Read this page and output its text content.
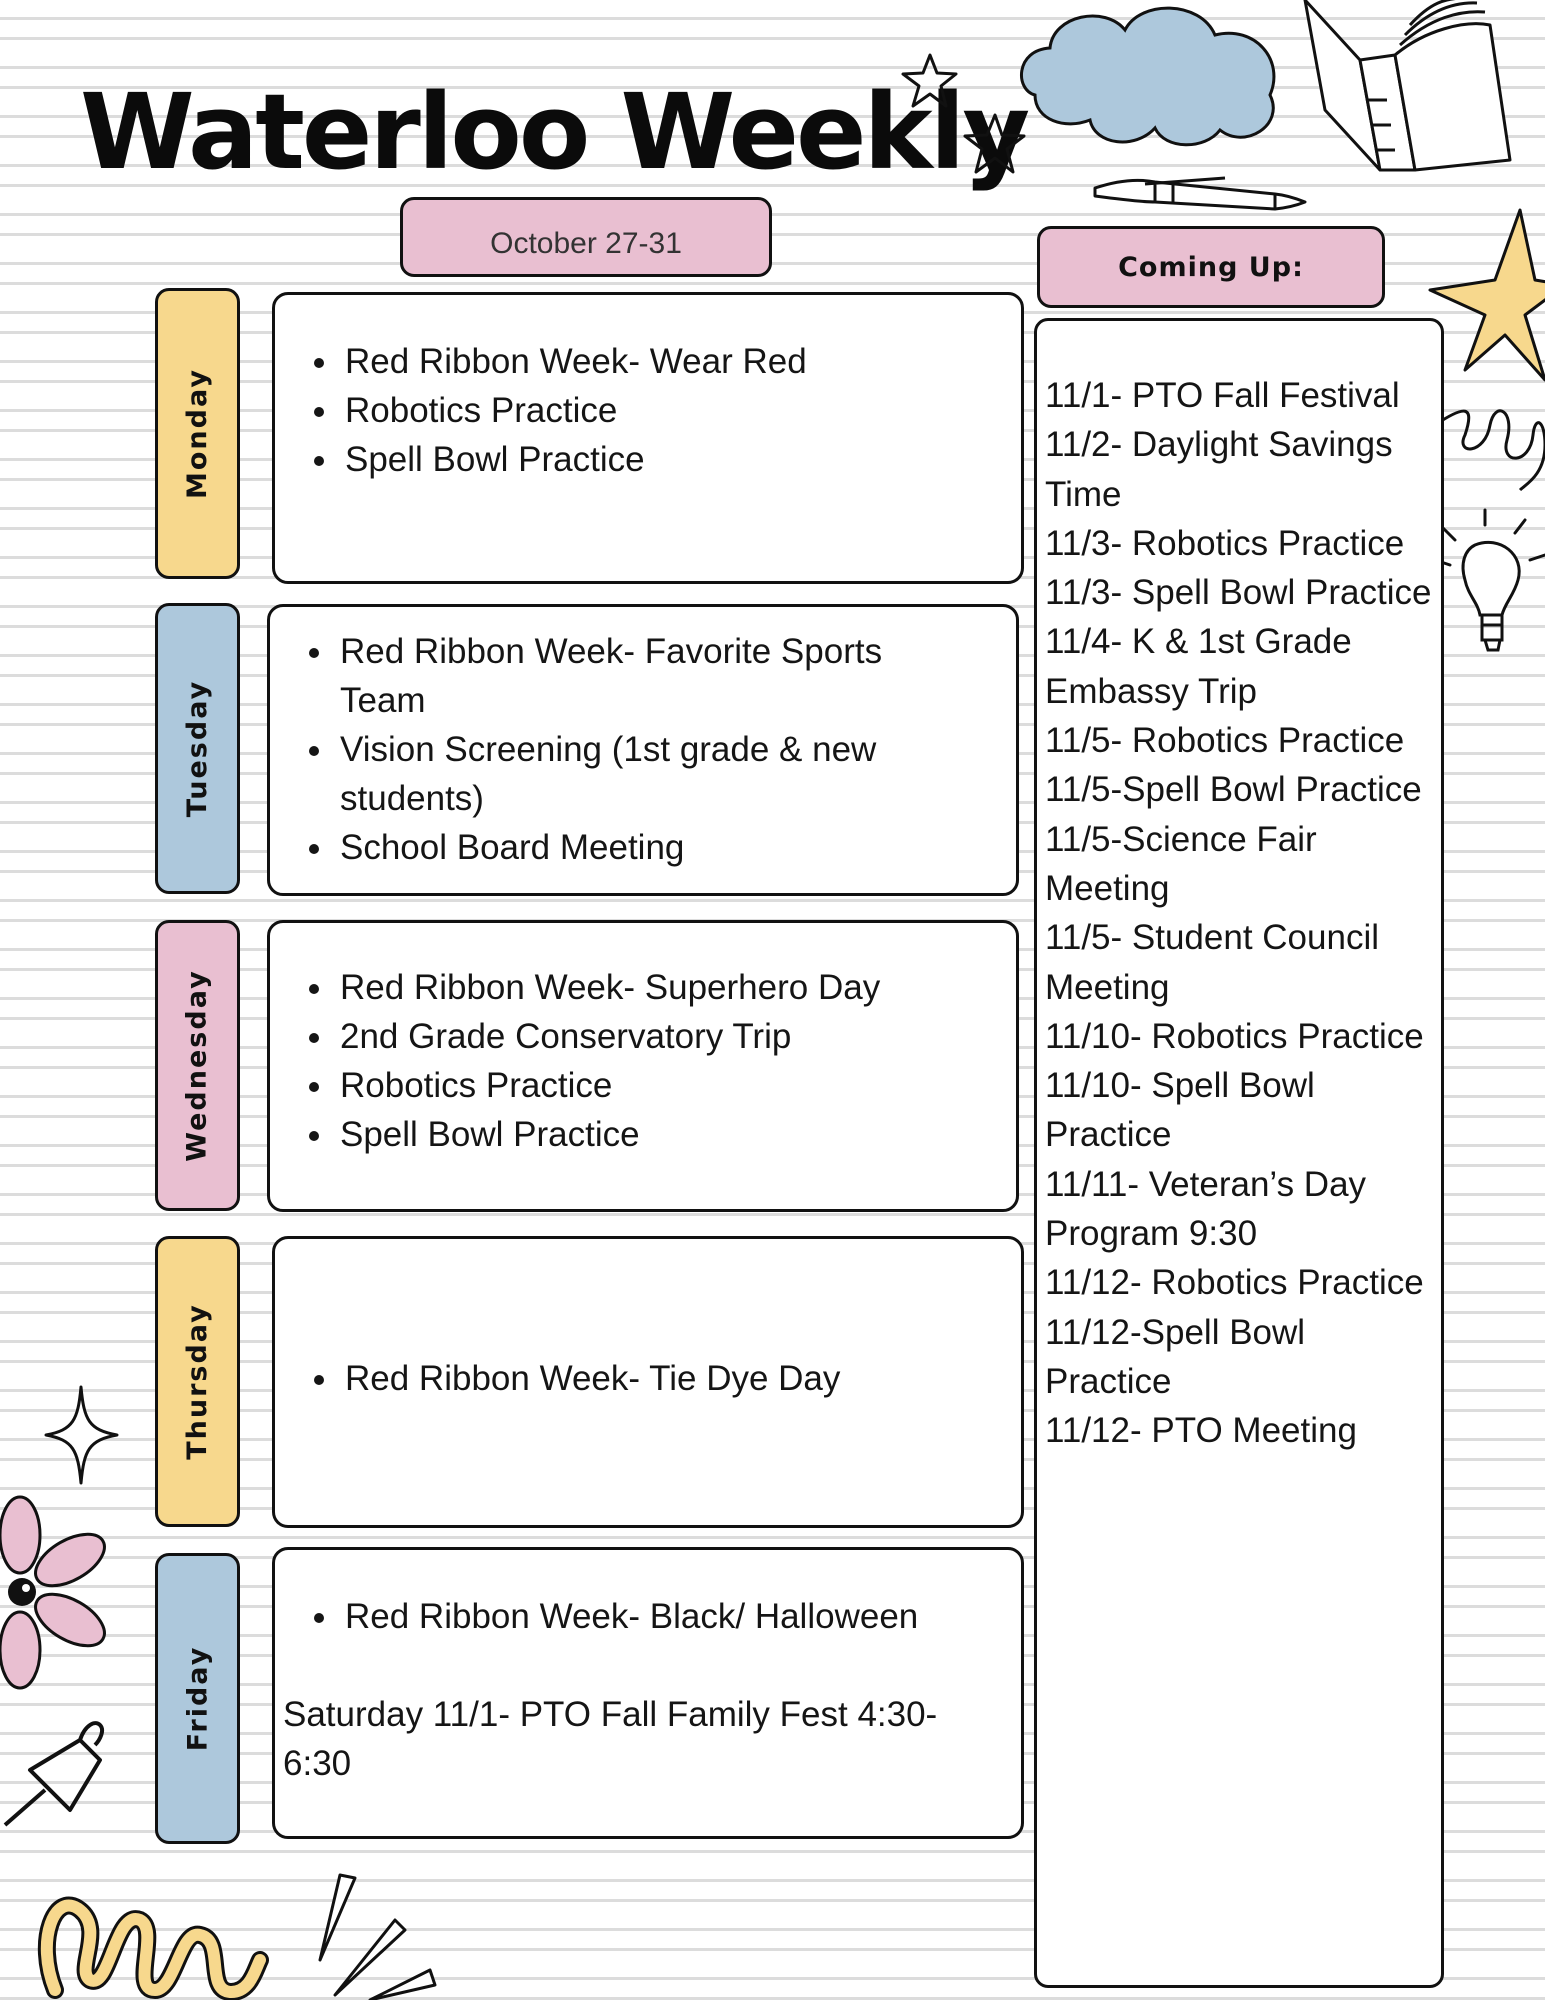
Waterloo Weekly
October 27-31
Monday
• Red Ribbon Week- Wear Red
• Robotics Practice
• Spell Bowl Practice
Tuesday
• Red Ribbon Week- Favorite Sports Team
• Vision Screening (1st grade & new students)
• School Board Meeting
Wednesday	• Red Ribbon Week- Superhero Day
• 2nd Grade Conservatory Trip
• Robotics Practice
• Spell Bowl Practice
Thursday	• Red Ribbon Week- Tie Dye Day
Friday
• Red Ribbon Week- Black/ Halloween

Saturday 11/1- PTO Fall Family Fest 4:30-6:30

Coming Up:
11/1- PTO Fall Festival
11/2- Daylight Savings Time
11/3- Robotics Practice
11/3- Spell Bowl Practice
11/4- K & 1st Grade Embassy Trip
11/5- Robotics Practice
11/5-Spell Bowl Practice
11/5-Science Fair Meeting
11/5- Student Council Meeting
11/10- Robotics Practice
11/10- Spell Bowl Practice
11/11- Veteran’s Day Program 9:30
11/12- Robotics Practice
11/12-Spell Bowl Practice
11/12- PTO Meeting
